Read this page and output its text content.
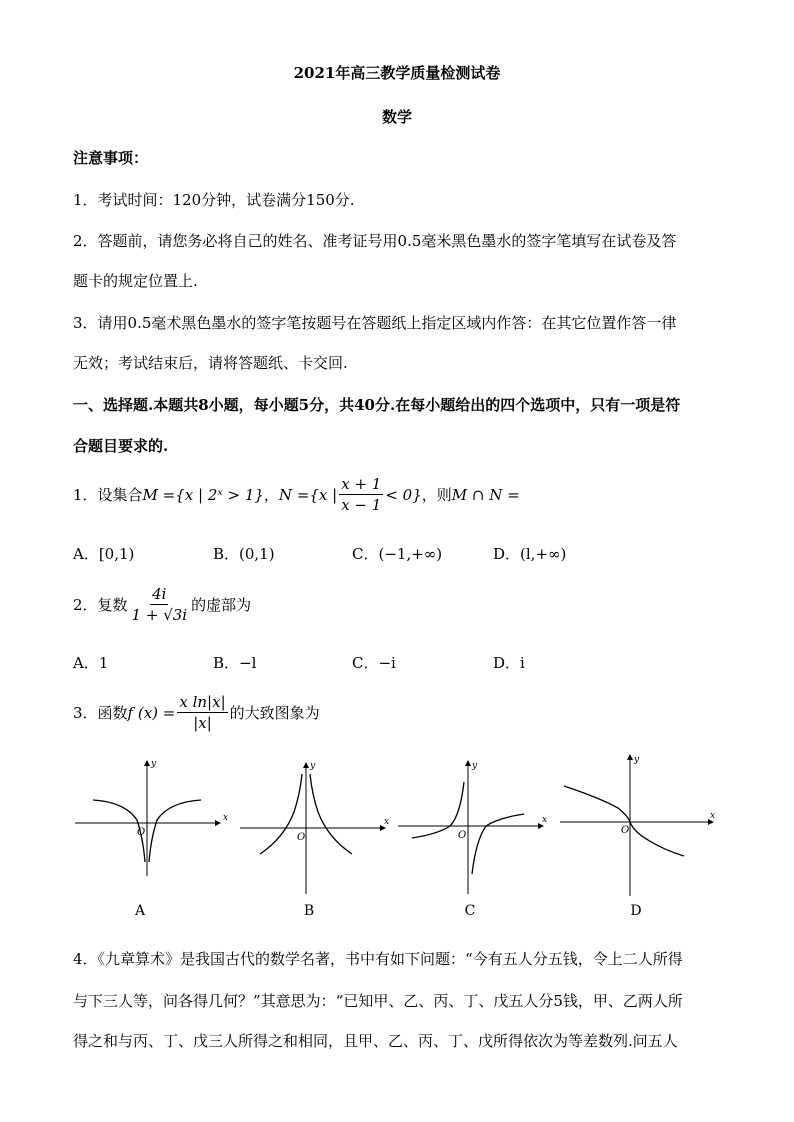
2021年高三教学质量检测试卷
数学
注意事项：
1．考试时间：120分钟，试卷满分150分.
2．答题前，请您务必将自己的姓名、准考证号用0.5毫米黑色墨水的签字笔填写在试卷及答
题卡的规定位置上.
3．请用0.5毫术黑色墨水的签字笔按题号在答题纸上指定区域内作答：在其它位置作答一律
无效；考试结束后，请将答题纸、卡交回.
一、选择题.本题共8小题，每小题5分，共40分.在每小题给出的四个选项中，只有一项是符
合题目要求的.
1．设集合 M = {x | 2ˣ > 1} ， N = {x | $\frac{x + 1}{x - 1} < 0$} ，则 M ∩ N =
A．[0,1)	B．(0,1)	C．(−1,+∞)	D．(l,+∞)
2．复数 $\frac{4i}{1 + √3i}$ 的虚部为
A．1	B．−l	C．−i	D．i
3．函数 f $(x) = \frac{\text{x ln|x|}}{|x|}$ 的大致图象为
x
y
O
A
x
y
O
B
x
y
O
C
x
y
O
D
4．《九章算术》是我国古代的数学名著，书中有如下问题：“今有五人分五钱，令上二人所得
与下三人等，问各得几何？”其意思为：“已知甲、乙、丙、丁、戊五人分5钱，甲、乙两人所
得之和与丙、丁、戊三人所得之和相同，且甲、乙、丙、丁、戊所得依次为等差数列.问五人
